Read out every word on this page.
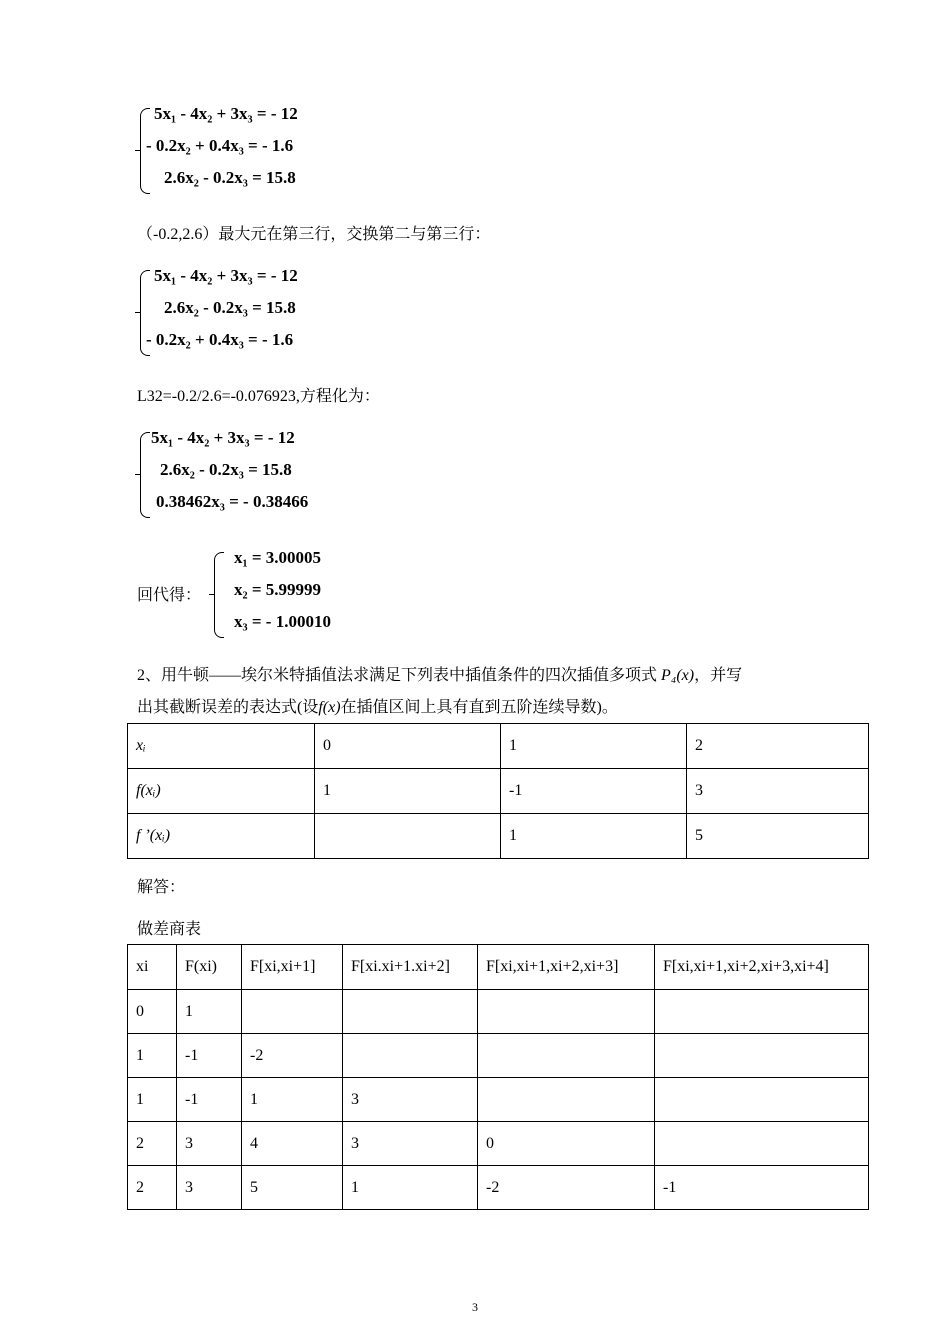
5x₁ - 4x₂ + 3x₃ = - 12
- 0.2x₂ + 0.4x₃ = - 1.6
2.6x₂ - 0.2x₃ = 15.8
（-0.2,2.6）最大元在第三行，交换第二与第三行：
5x₁ - 4x₂ + 3x₃ = - 12
2.6x₂ - 0.2x₃ = 15.8
- 0.2x₂ + 0.4x₃ = - 1.6
L32=-0.2/2.6=-0.076923,方程化为：
5x₁ - 4x₂ + 3x₃ = - 12
2.6x₂ - 0.2x₃ = 15.8
0.38462x₃ = - 0.38466
回代得：
x₁ = 3.00005
x₂ = 5.99999
x₃ = - 1.00010
2、用牛顿——埃尔米特插值法求满足下列表中插值条件的四次插值多项式 P₄(x)，并写
出其截断误差的表达式(设f(x)在插值区间上具有直到五阶连续导数)。
xᵢ	0	1	2
f(xᵢ)	1	-1	3
f ’(xᵢ)		1	5
解答：
做差商表
xi	F(xi)	F[xi,xi+1]	F[xi.xi+1.xi+2]	F[xi,xi+1,xi+2,xi+3]	F[xi,xi+1,xi+2,xi+3,xi+4]
0	1				
1	-1	-2			
1	-1	1	3		
2	3	4	3	0	
2	3	5	1	-2	-1
3
